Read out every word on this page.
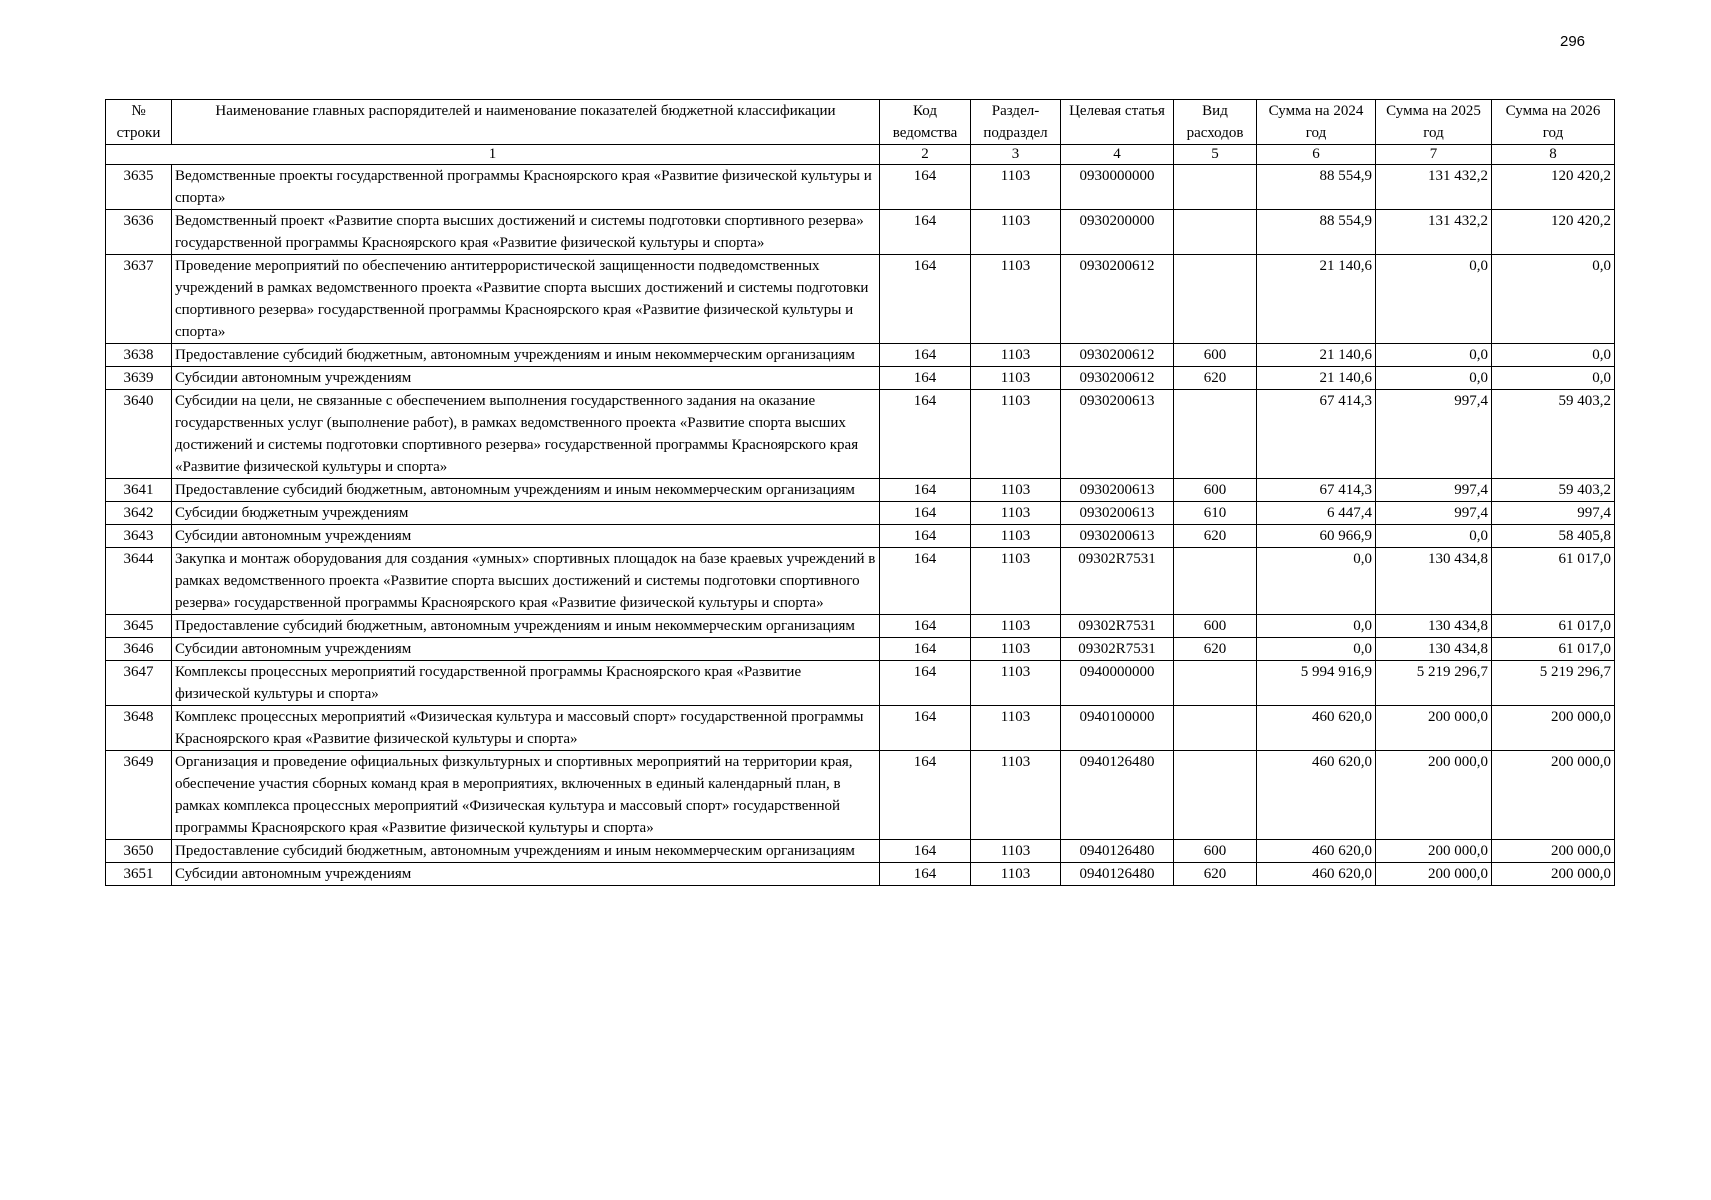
296
№ строки	Наименование главных распорядителей и наименование показателей бюджетной классификации	Код ведомства	Раздел-подраздел	Целевая статья	Вид расходов	Сумма на 2024 год	Сумма на 2025 год	Сумма на 2026 год
1		2	3	4	5	6	7	8
3635	Ведомственные проекты государственной программы Красноярского края «Развитие физической культуры и спорта»	164	1103	0930000000		88 554,9	131 432,2	120 420,2
3636	Ведомственный проект «Развитие спорта высших достижений и системы подготовки спортивного резерва» государственной программы Красноярского края «Развитие физической культуры и спорта»	164	1103	0930200000		88 554,9	131 432,2	120 420,2
3637	Проведение мероприятий по обеспечению антитеррористической защищенности подведомственных учреждений в рамках ведомственного проекта «Развитие спорта высших достижений и системы подготовки спортивного резерва» государственной программы Красноярского края «Развитие физической культуры и спорта»	164	1103	0930200612		21 140,6	0,0	0,0
3638	Предоставление субсидий бюджетным, автономным учреждениям и иным некоммерческим организациям	164	1103	0930200612	600	21 140,6	0,0	0,0
3639	Субсидии автономным учреждениям	164	1103	0930200612	620	21 140,6	0,0	0,0
3640	Субсидии на цели, не связанные с обеспечением выполнения государственного задания на оказание государственных услуг (выполнение работ), в рамках ведомственного проекта «Развитие спорта высших достижений и системы подготовки спортивного резерва» государственной программы Красноярского края «Развитие физической культуры и спорта»	164	1103	0930200613		67 414,3	997,4	59 403,2
3641	Предоставление субсидий бюджетным, автономным учреждениям и иным некоммерческим организациям	164	1103	0930200613	600	67 414,3	997,4	59 403,2
3642	Субсидии бюджетным учреждениям	164	1103	0930200613	610	6 447,4	997,4	997,4
3643	Субсидии автономным учреждениям	164	1103	0930200613	620	60 966,9	0,0	58 405,8
3644	Закупка и монтаж оборудования для создания «умных» спортивных площадок на базе краевых учреждений в рамках ведомственного проекта «Развитие спорта высших достижений и системы подготовки спортивного резерва» государственной программы Красноярского края «Развитие физической культуры и спорта»	164	1103	09302R7531		0,0	130 434,8	61 017,0
3645	Предоставление субсидий бюджетным, автономным учреждениям и иным некоммерческим организациям	164	1103	09302R7531	600	0,0	130 434,8	61 017,0
3646	Субсидии автономным учреждениям	164	1103	09302R7531	620	0,0	130 434,8	61 017,0
3647	Комплексы процессных мероприятий государственной программы Красноярского края «Развитие физической культуры и спорта»	164	1103	0940000000		5 994 916,9	5 219 296,7	5 219 296,7
3648	Комплекс процессных мероприятий «Физическая культура и массовый спорт» государственной программы Красноярского края «Развитие физической культуры и спорта»	164	1103	0940100000		460 620,0	200 000,0	200 000,0
3649	Организация и проведение официальных физкультурных и спортивных мероприятий на территории края, обеспечение участия сборных команд края в мероприятиях, включенных в единый календарный план, в рамках комплекса процессных мероприятий «Физическая культура и массовый спорт» государственной программы Красноярского края «Развитие физической культуры и спорта»	164	1103	0940126480		460 620,0	200 000,0	200 000,0
3650	Предоставление субсидий бюджетным, автономным учреждениям и иным некоммерческим организациям	164	1103	0940126480	600	460 620,0	200 000,0	200 000,0
3651	Субсидии автономным учреждениям	164	1103	0940126480	620	460 620,0	200 000,0	200 000,0
